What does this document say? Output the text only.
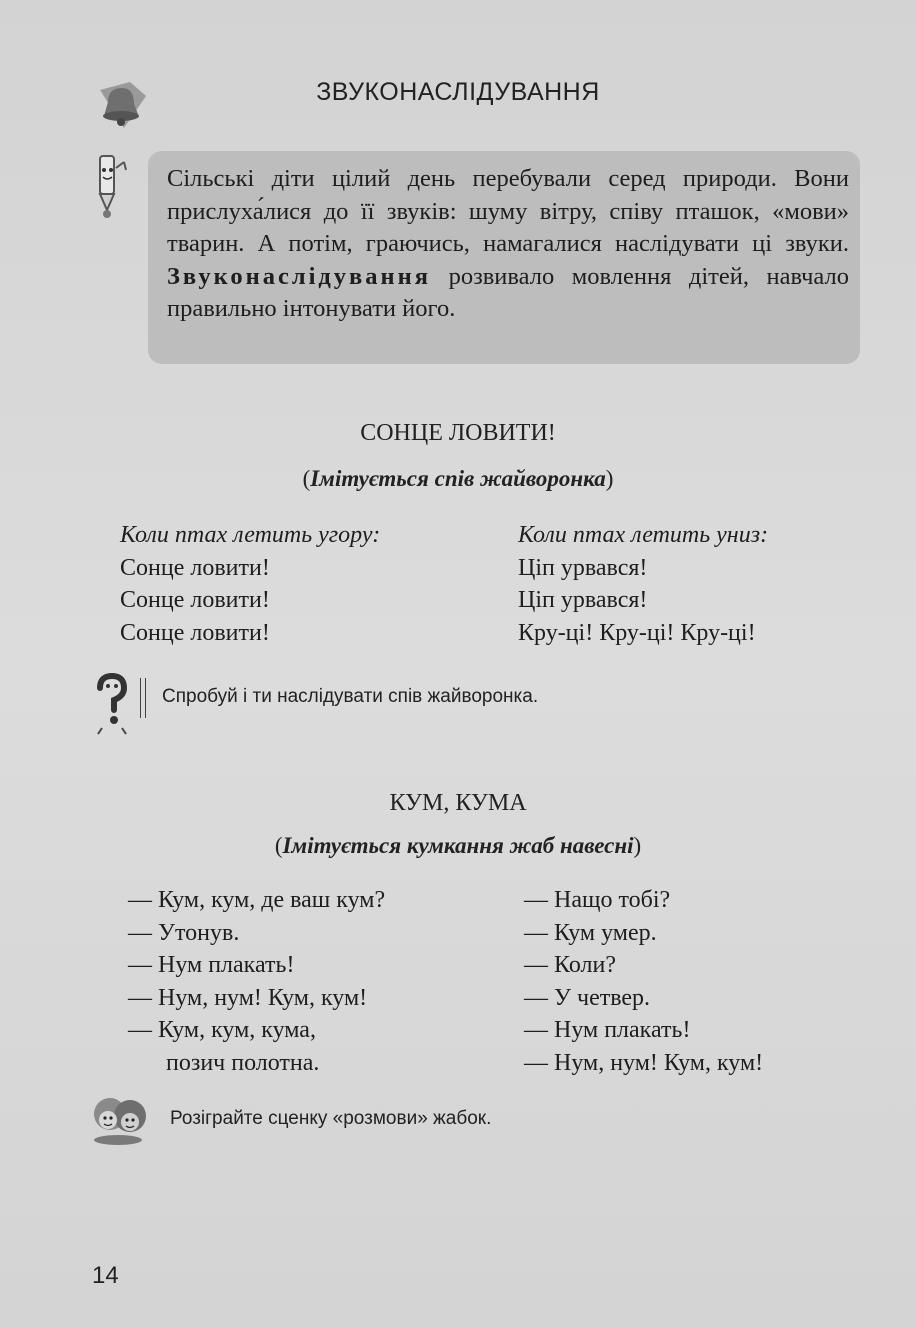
ЗВУКОНАСЛІДУВАННЯ
Сільські діти цілий день перебували серед природи. Вони прислуха́лися до її звуків: шуму вітру, співу пташок, «мови» тварин. А потім, граючись, намагалися наслідувати ці звуки. Звуконаслідування розвивало мовлення дітей, навчало правильно інтонувати його.
СОНЦЕ ЛОВИТИ!
(Імітується спів жайворонка)
Коли птах летить угору:
Сонце ловити!
Сонце ловити!
Сонце ловити!
Коли птах летить униз:
Ціп урвався!
Ціп урвався!
Кру-ці! Кру-ці! Кру-ці!
Спробуй і ти наслідувати спів жайворонка.
КУМ, КУМА
(Імітується кумкання жаб навесні)
— Кум, кум, де ваш кум?
— Утонув.
— Нум плакать!
— Нум, нум! Кум, кум!
— Кум, кум, кума,
позич полотна.
— Нащо тобі?
— Кум умер.
— Коли?
— У четвер.
— Нум плакать!
— Нум, нум! Кум, кум!
Розіграйте сценку «розмови» жабок.
14
